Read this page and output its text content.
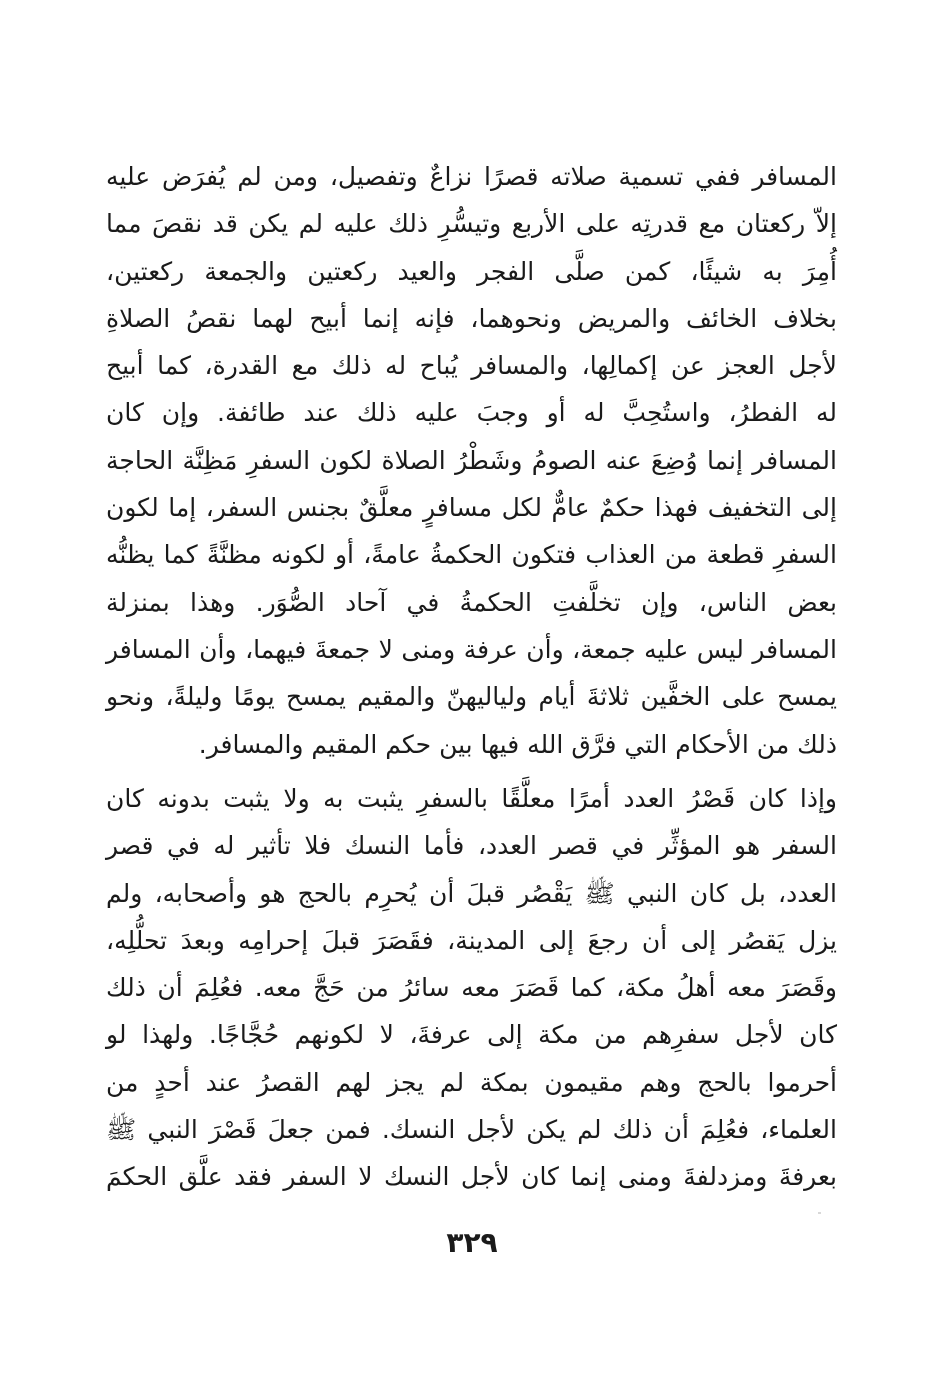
المسافر ففي تسمية صلاته قصرًا نزاعٌ وتفصيل، ومن لم يُفرَض عليه
إلاّ ركعتان مع قدرتِه على الأربع وتيسُّرِ ذلك عليه لم يكن قد نقصَ مما
أُمِرَ به شيئًا، كمن صلَّى الفجر والعيد ركعتين والجمعة ركعتين،
بخلاف الخائف والمريض ونحوهما، فإنه إنما أبيح لهما نقصُ الصلاةِ
لأجل العجز عن إكمالِها، والمسافر يُباح له ذلك مع القدرة، كما أبيح
له الفطرُ، واستُحِبَّ له أو وجبَ عليه ذلك عند طائفة. وإن كان
المسافر إنما وُضِعَ عنه الصومُ وشَطْرُ الصلاة لكون السفرِ مَظِنَّة الحاجة
إلى التخفيف فهذا حكمٌ عامٌّ لكل مسافرٍ معلَّقٌ بجنس السفر، إما لكون
السفرِ قطعة من العذاب فتكون الحكمةُ عامةً، أو لكونه مظنَّةً كما يظنُّه
بعض الناس، وإن تخلَّفتِ الحكمةُ في آحاد الصُّوَر. وهذا بمنزلة
المسافر ليس عليه جمعة، وأن عرفة ومنى لا جمعةَ فيهما، وأن المسافر
يمسح على الخفَّين ثلاثةَ أيام ولياليهنّ والمقيم يمسح يومًا وليلةً، ونحو
ذلك من الأحكام التي فرَّق الله فيها بين حكم المقيم والمسافر.
وإذا كان قَصْرُ العدد أمرًا معلَّقًا بالسفرِ يثبت به ولا يثبت بدونه كان
السفر هو المؤثِّر في قصر العدد، فأما النسك فلا تأثير له في قصر
العدد، بل كان النبي ﷺ يَقْصُر قبلَ أن يُحرِم بالحج هو وأصحابه، ولم
يزل يَقصُر إلى أن رجعَ إلى المدينة، فقَصَرَ قبلَ إحرامِه وبعدَ تحلُّلِه،
وقَصَرَ معه أهلُ مكة، كما قَصَرَ معه سائرُ من حَجَّ معه. فعُلِمَ أن ذلك
كان لأجل سفرِهم من مكة إلى عرفةَ، لا لكونهم حُجَّاجًا. ولهذا لو
أحرموا بالحج وهم مقيمون بمكة لم يجز لهم القصرُ عند أحدٍ من
العلماء، فعُلِمَ أن ذلك لم يكن لأجل النسك. فمن جعلَ قَصْرَ النبي ﷺ
بعرفةَ ومزدلفةَ ومنى إنما كان لأجل النسك لا السفر فقد علَّق الحكمَ
٣٢٩
